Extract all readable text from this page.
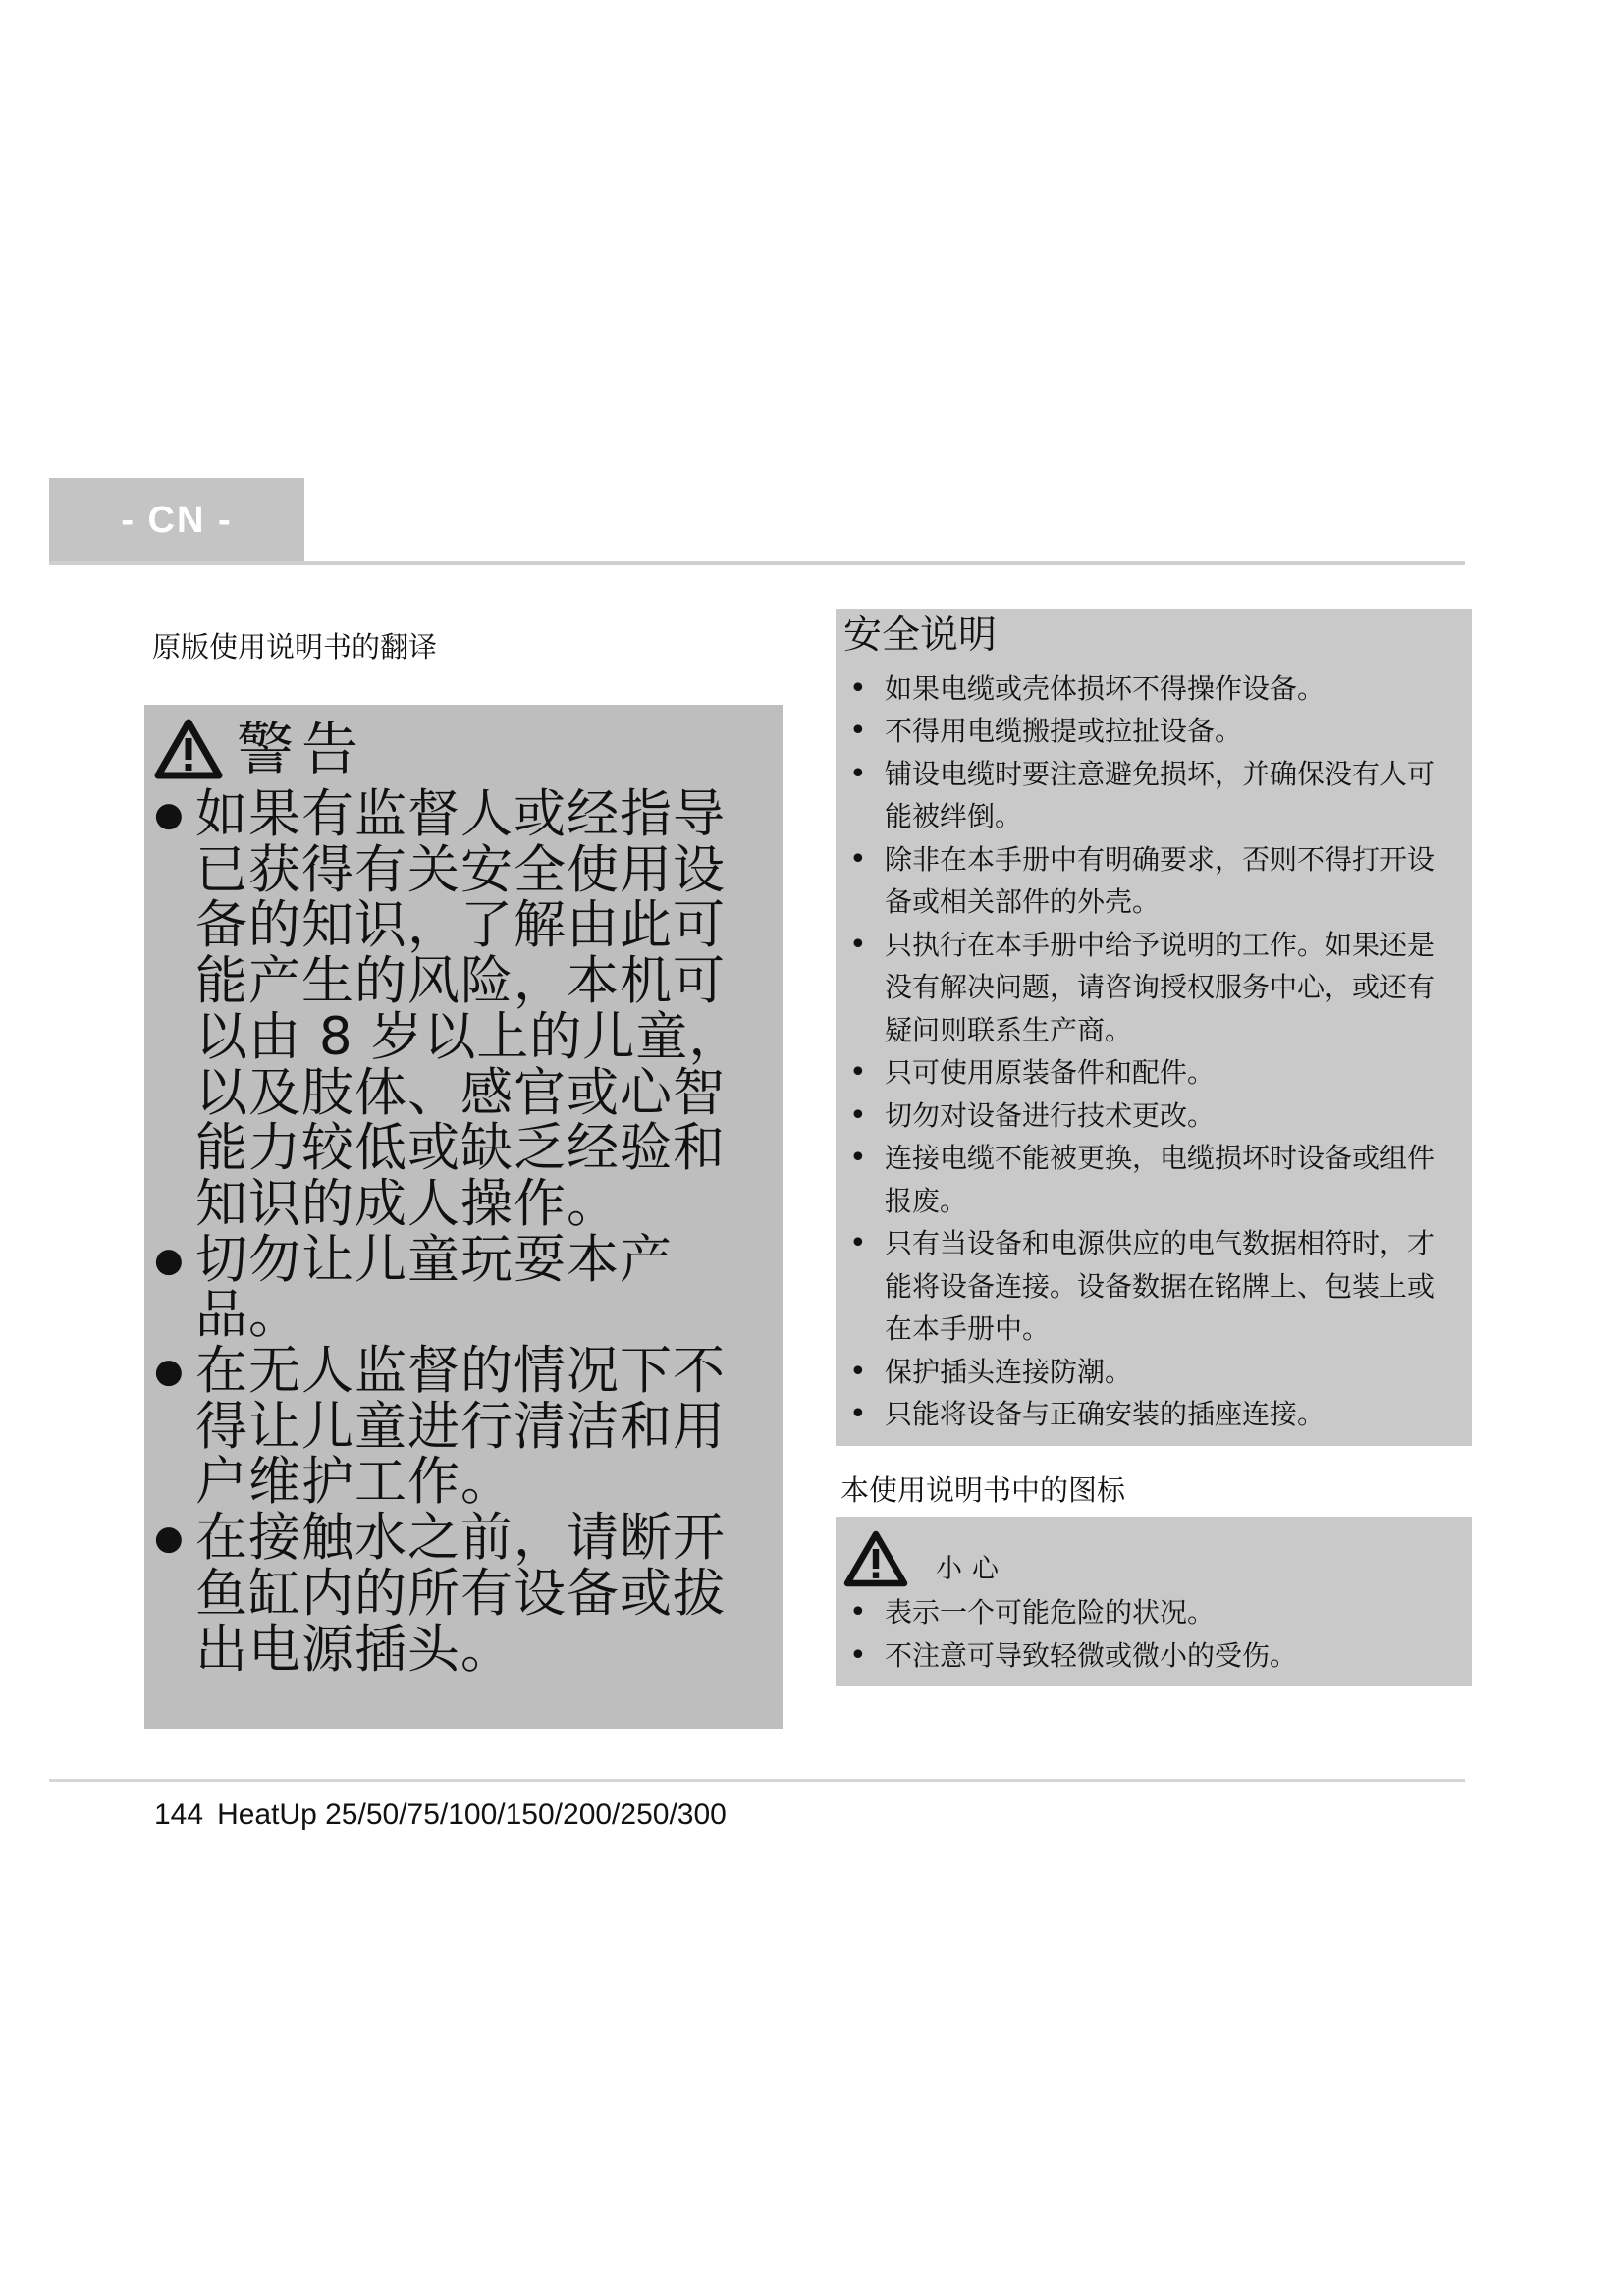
- CN -
原版使用说明书的翻译
警告
● 如果有监督人或经指导已获得有关安全使用设备的知识，了解由此可能产生的风险，本机可以由 8 岁以上的儿童，以及肢体、感官或心智能力较低或缺乏经验和知识的成人操作。
● 切勿让儿童玩耍本产品。
● 在无人监督的情况下不得让儿童进行清洁和用户维护工作。
● 在接触水之前，请断开鱼缸内的所有设备或拔出电源插头。
安全说明
• 如果电缆或壳体损坏不得操作设备。
• 不得用电缆搬提或拉扯设备。
• 铺设电缆时要注意避免损坏，并确保没有人可能被绊倒。
• 除非在本手册中有明确要求，否则不得打开设备或相关部件的外壳。
• 只执行在本手册中给予说明的工作。如果还是没有解决问题，请咨询授权服务中心，或还有疑问则联系生产商。
• 只可使用原装备件和配件。
• 切勿对设备进行技术更改。
• 连接电缆不能被更换，电缆损坏时设备或组件报废。
• 只有当设备和电源供应的电气数据相符时，才能将设备连接。设备数据在铭牌上、包装上或在本手册中。
• 保护插头连接防潮。
• 只能将设备与正确安装的插座连接。
本使用说明书中的图标
小心
• 表示一个可能危险的状况。
• 不注意可导致轻微或微小的受伤。
144 HeatUp 25/50/75/100/150/200/250/300
